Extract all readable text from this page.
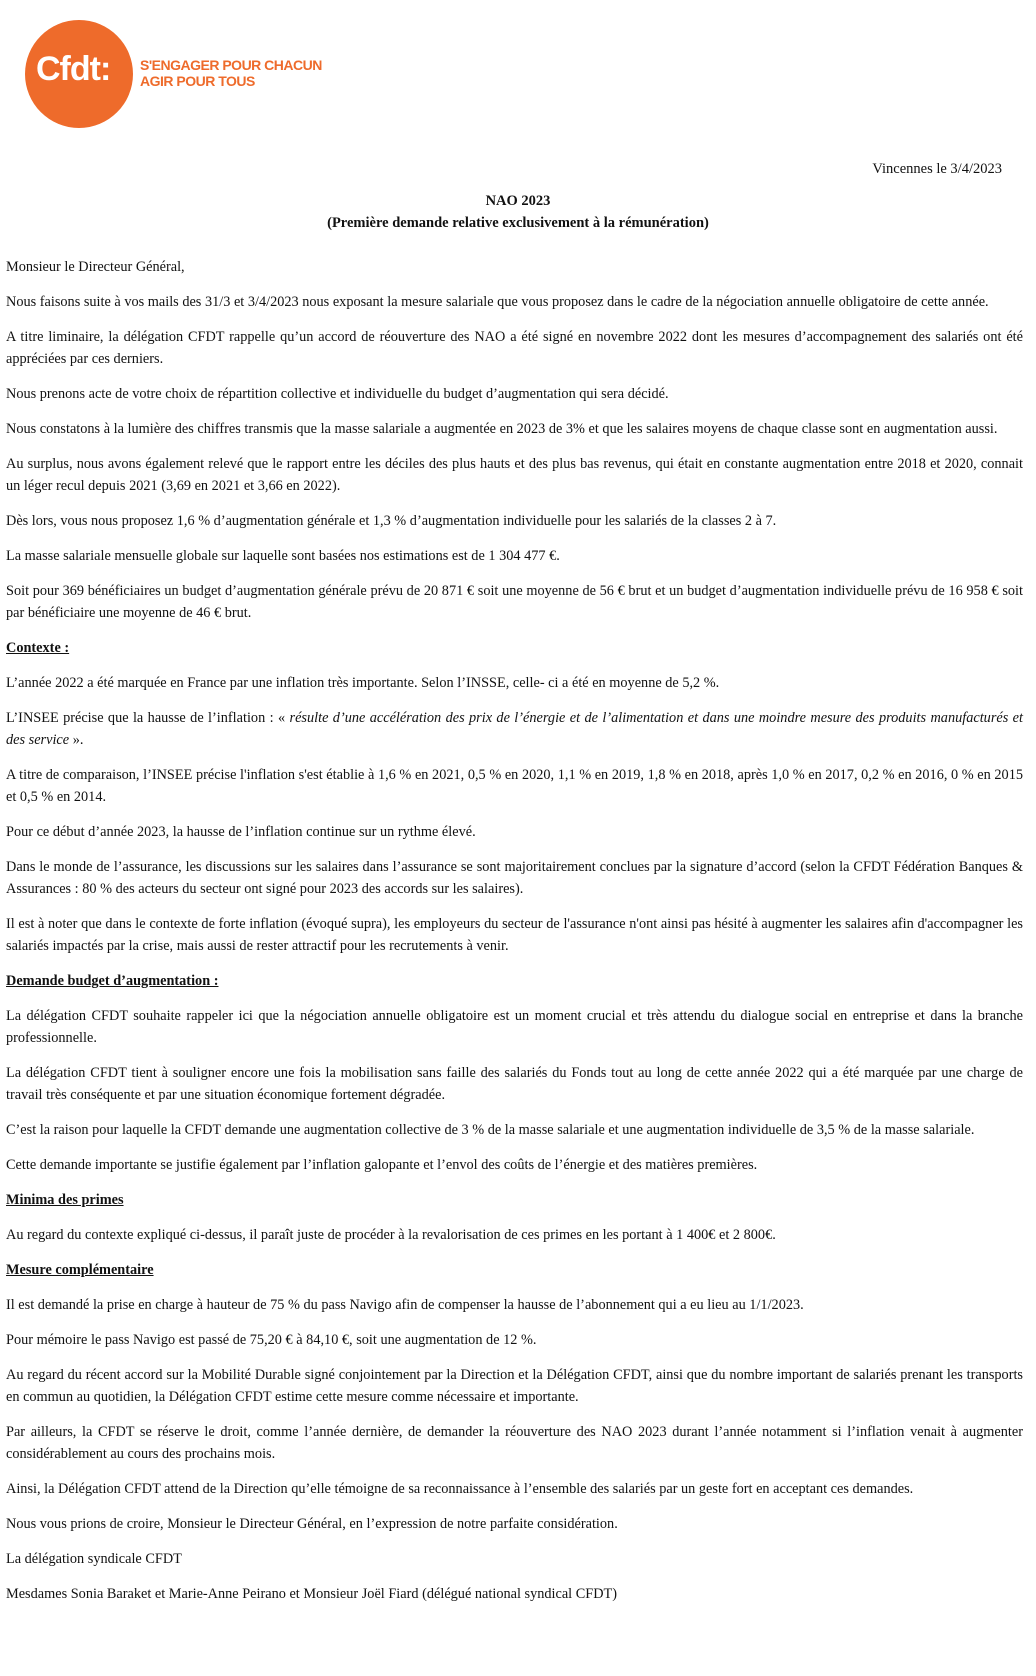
Cfdt:	S'ENGAGER POUR CHACUN
AGIR POUR TOUS
Vincennes le 3/4/2023
NAO 2023
(Première demande relative exclusivement à la rémunération)

Monsieur le Directeur Général,

Nous faisons suite à vos mails des 31/3 et 3/4/2023 nous exposant la mesure salariale que vous proposez dans le cadre de la négociation annuelle obligatoire de cette année.

A titre liminaire, la délégation CFDT rappelle qu’un accord de réouverture des NAO a été signé en novembre 2022 dont les mesures d’accompagnement des salariés ont été appréciées par ces derniers.

Nous prenons acte de votre choix de répartition collective et individuelle du budget d’augmentation qui sera décidé.

Nous constatons à la lumière des chiffres transmis que la masse salariale a augmentée en 2023 de 3% et que les salaires moyens de chaque classe sont en augmentation aussi.

Au surplus, nous avons également relevé que le rapport entre les déciles des plus hauts et des plus bas revenus, qui était en constante augmentation entre 2018 et 2020, connait un léger recul depuis 2021 (3,69 en 2021 et 3,66 en 2022).

Dès lors, vous nous proposez 1,6 % d’augmentation générale et 1,3 % d’augmentation individuelle pour les salariés de la classes 2 à 7.

La masse salariale mensuelle globale sur laquelle sont basées nos estimations est de 1 304 477 €.

Soit pour 369 bénéficiaires un budget d’augmentation générale prévu de 20 871 € soit une moyenne de 56 € brut et un budget d’augmentation individuelle prévu de 16 958 € soit par bénéficiaire une moyenne de 46 € brut.

Contexte :

L’année 2022 a été marquée en France par une inflation très importante. Selon l’INSSE, celle- ci a été en moyenne de 5,2 %.

L’INSEE précise que la hausse de l’inflation : « résulte d’une accélération des prix de l’énergie et de l’alimentation et dans une moindre mesure des produits manufacturés et des service ».

A titre de comparaison, l’INSEE précise l'inflation s'est établie à 1,6 % en 2021, 0,5 % en 2020, 1,1 % en 2019, 1,8 % en 2018, après 1,0 % en 2017, 0,2 % en 2016, 0 % en 2015 et 0,5 % en 2014.

Pour ce début d’année 2023, la hausse de l’inflation continue sur un rythme élevé.

Dans le monde de l’assurance, les discussions sur les salaires dans l’assurance se sont majoritairement conclues par la signature d’accord (selon la CFDT Fédération Banques & Assurances : 80 % des acteurs du secteur ont signé pour 2023 des accords sur les salaires).

Il est à noter que dans le contexte de forte inflation (évoqué supra), les employeurs du secteur de l'assurance n'ont ainsi pas hésité à augmenter les salaires afin d'accompagner les salariés impactés par la crise, mais aussi de rester attractif pour les recrutements à venir.

Demande budget d’augmentation :

La délégation CFDT souhaite rappeler ici que la négociation annuelle obligatoire est un moment crucial et très attendu du dialogue social en entreprise et dans la branche professionnelle.

La délégation CFDT tient à souligner encore une fois la mobilisation sans faille des salariés du Fonds tout au long de cette année 2022 qui a été marquée par une charge de travail très conséquente et par une situation économique fortement dégradée.

C’est la raison pour laquelle la CFDT demande une augmentation collective de 3 % de la masse salariale et une augmentation individuelle de 3,5 % de la masse salariale.

Cette demande importante se justifie également par l’inflation galopante et l’envol des coûts de l’énergie et des matières premières.

Minima des primes

Au regard du contexte expliqué ci-dessus, il paraît juste de procéder à la revalorisation de ces primes en les portant à 1 400€ et 2 800€.

Mesure complémentaire

Il est demandé la prise en charge à hauteur de 75 % du pass Navigo afin de compenser la hausse de l’abonnement qui a eu lieu au 1/1/2023.

Pour mémoire le pass Navigo est passé de 75,20 € à 84,10 €, soit une augmentation de 12 %.

Au regard du récent accord sur la Mobilité Durable signé conjointement par la Direction et la Délégation CFDT, ainsi que du nombre important de salariés prenant les transports en commun au quotidien, la Délégation CFDT estime cette mesure comme nécessaire et importante.

Par ailleurs, la CFDT se réserve le droit, comme l’année dernière, de demander la réouverture des NAO 2023 durant l’année notamment si l’inflation venait à augmenter considérablement au cours des prochains mois.

Ainsi, la Délégation CFDT attend de la Direction qu’elle témoigne de sa reconnaissance à l’ensemble des salariés par un geste fort en acceptant ces demandes.

Nous vous prions de croire, Monsieur le Directeur Général, en l’expression de notre parfaite considération.

La délégation syndicale CFDT

Mesdames Sonia Baraket et Marie-Anne Peirano et Monsieur Joël Fiard (délégué national syndical CFDT)
